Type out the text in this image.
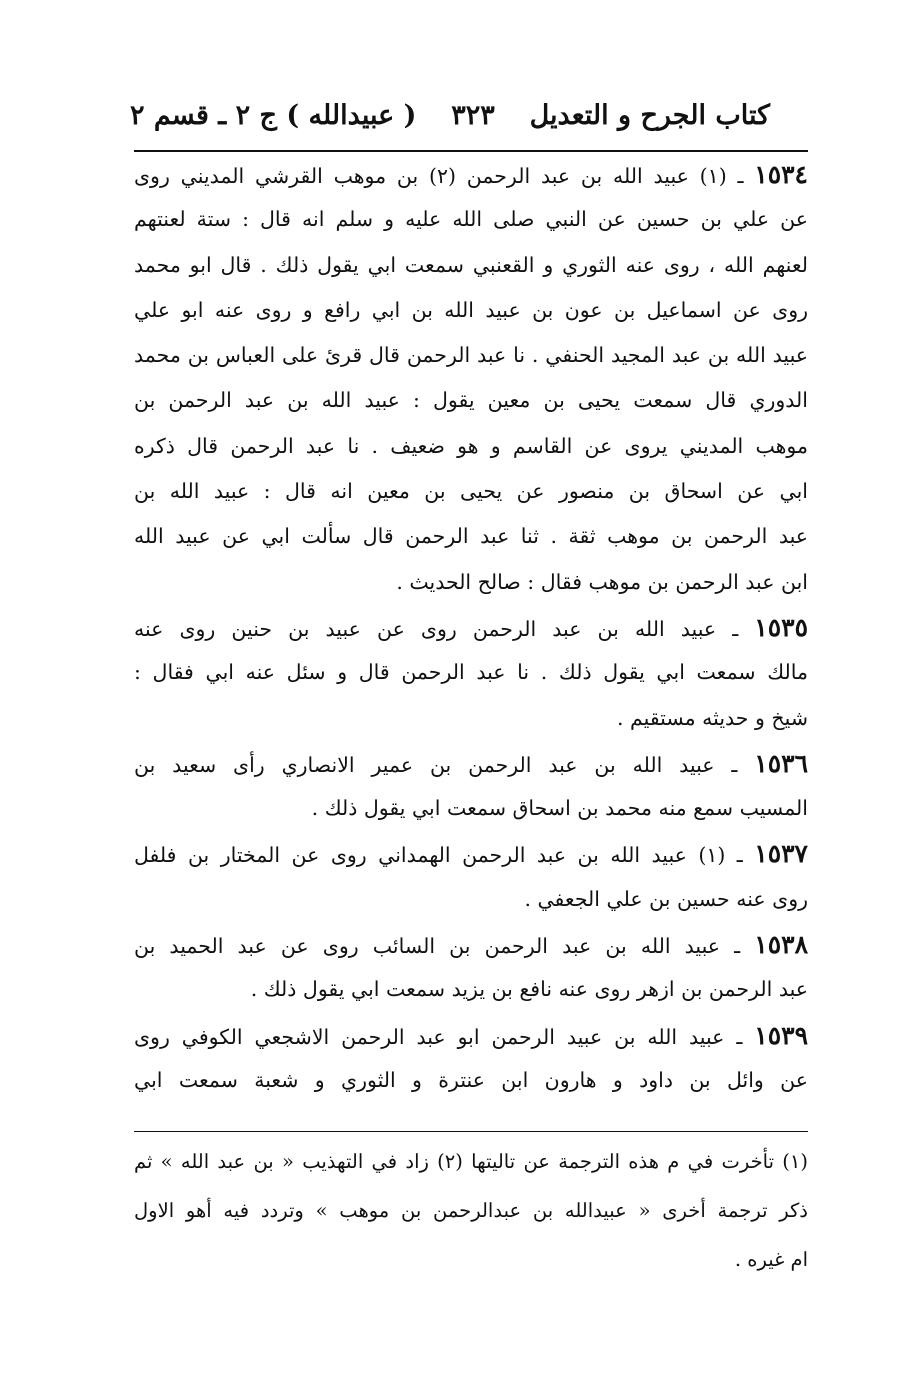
كتاب الجرح و التعديل
٣٢٣
( عبيدالله ) ج ٢ ـ قسم ٢
١٥٣٤ ـ (١) عبيد الله بن عبد الرحمن (٢) بن موهب القرشي المديني روى
عن علي بن حسين عن النبي صلى الله عليه و سلم انه قال : ستة لعنتهم
لعنهم الله ، روى عنه الثوري و القعنبي سمعت ابي يقول ذلك . قال ابو محمد
روى عن اسماعيل بن عون بن عبيد الله بن ابي رافع و روى عنه ابو علي
عبيد الله بن عبد المجيد الحنفي . نا عبد الرحمن قال قرئ على العباس بن محمد
الدوري قال سمعت يحيى بن معين يقول : عبيد الله بن عبد الرحمن بن
موهب المديني يروى عن القاسم و هو ضعيف . نا عبد الرحمن قال ذكره
ابي عن اسحاق بن منصور عن يحيى بن معين انه قال : عبيد الله بن
عبد الرحمن بن موهب ثقة . ثنا عبد الرحمن قال سألت ابي عن عبيد الله
ابن عبد الرحمن بن موهب فقال : صالح الحديث .
١٥٣٥ ـ عبيد الله بن عبد الرحمن روى عن عبيد بن حنين روى عنه
مالك سمعت ابي يقول ذلك . نا عبد الرحمن قال و سئل عنه ابي فقال :
شيخ و حديثه مستقيم .
١٥٣٦ ـ عبيد الله بن عبد الرحمن بن عمير الانصاري رأى سعيد بن
المسيب سمع منه محمد بن اسحاق سمعت ابي يقول ذلك .
١٥٣٧ ـ (١) عبيد الله بن عبد الرحمن الهمداني روى عن المختار بن فلفل
روى عنه حسين بن علي الجعفي .
١٥٣٨ ـ عبيد الله بن عبد الرحمن بن السائب روى عن عبد الحميد بن
عبد الرحمن بن ازهر روى عنه نافع بن يزيد سمعت ابي يقول ذلك .
١٥٣٩ ـ عبيد الله بن عبيد الرحمن ابو عبد الرحمن الاشجعي الكوفي روى
عن وائل بن داود و هارون ابن عنترة و الثوري و شعبة سمعت ابي
(١) تأخرت في م هذه الترجمة عن تاليتها (٢) زاد في التهذيب « بن عبد الله » ثم
ذكر ترجمة أخرى « عبيدالله بن عبدالرحمن بن موهب » وتردد فيه أهو الاول
ام غيره .
